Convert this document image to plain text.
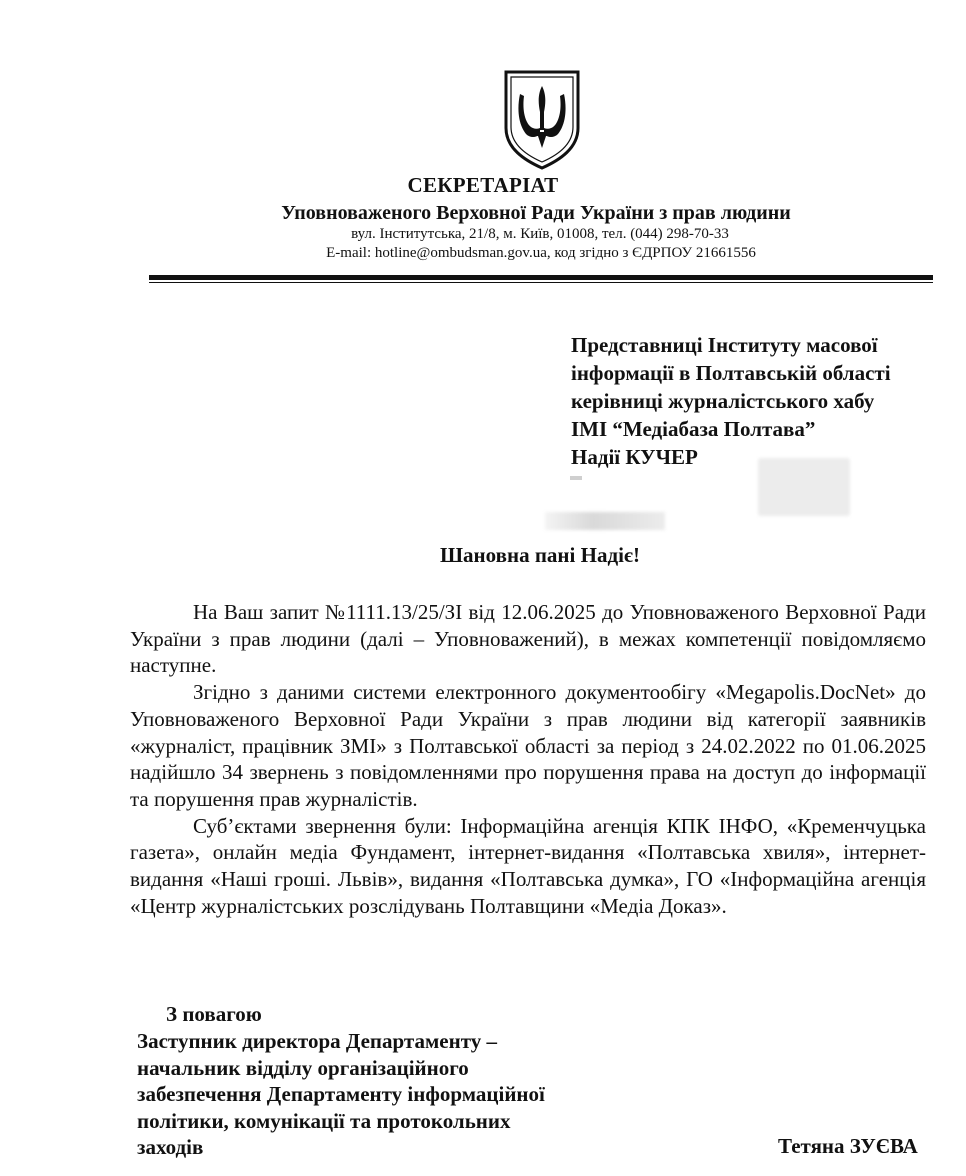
СЕКРЕТАРІАТ
Уповноваженого Верховної Ради України з прав людини
вул. Інститутська, 21/8, м. Київ, 01008, тел. (044) 298-70-33
E-mail: hotline@ombudsman.gov.ua, код згідно з ЄДРПОУ 21661556
Представниці Інституту масової
інформації в Полтавській області
керівниці журналістського хабу
ІМІ “Медіабаза Полтава”
Надії КУЧЕР
Шановна пані Надіє!

На Ваш запит №1111.13/25/ЗІ від 12.06.2025 до Уповноваженого Верховної Ради України з прав людини (далі – Уповноважений), в межах компетенції повідомляємо наступне.

Згідно з даними системи електронного документообігу «Megapolis.DocNet» до Уповноваженого Верховної Ради України з прав людини від категорії заявників «журналіст, працівник ЗМІ» з Полтавської області за період з 24.02.2022 по 01.06.2025 надійшло 34 звернень з повідомленнями про порушення права на доступ до інформації та порушення прав журналістів.

Суб’єктами звернення були: Інформаційна агенція КПК ІНФО, «Кременчуцька газета», онлайн медіа Фундамент, інтернет-видання «Полтавська хвиля», інтернет-видання «Наші гроші. Львів», видання «Полтавська думка», ГО «Інформаційна агенція «Центр журналістських розслідувань Полтавщини «Медіа Доказ».

З повагою
Заступник директора Департаменту –
начальник відділу організаційного
забезпечення Департаменту інформаційної
політики, комунікації та протокольних
заходів	Тетяна ЗУЄВА
